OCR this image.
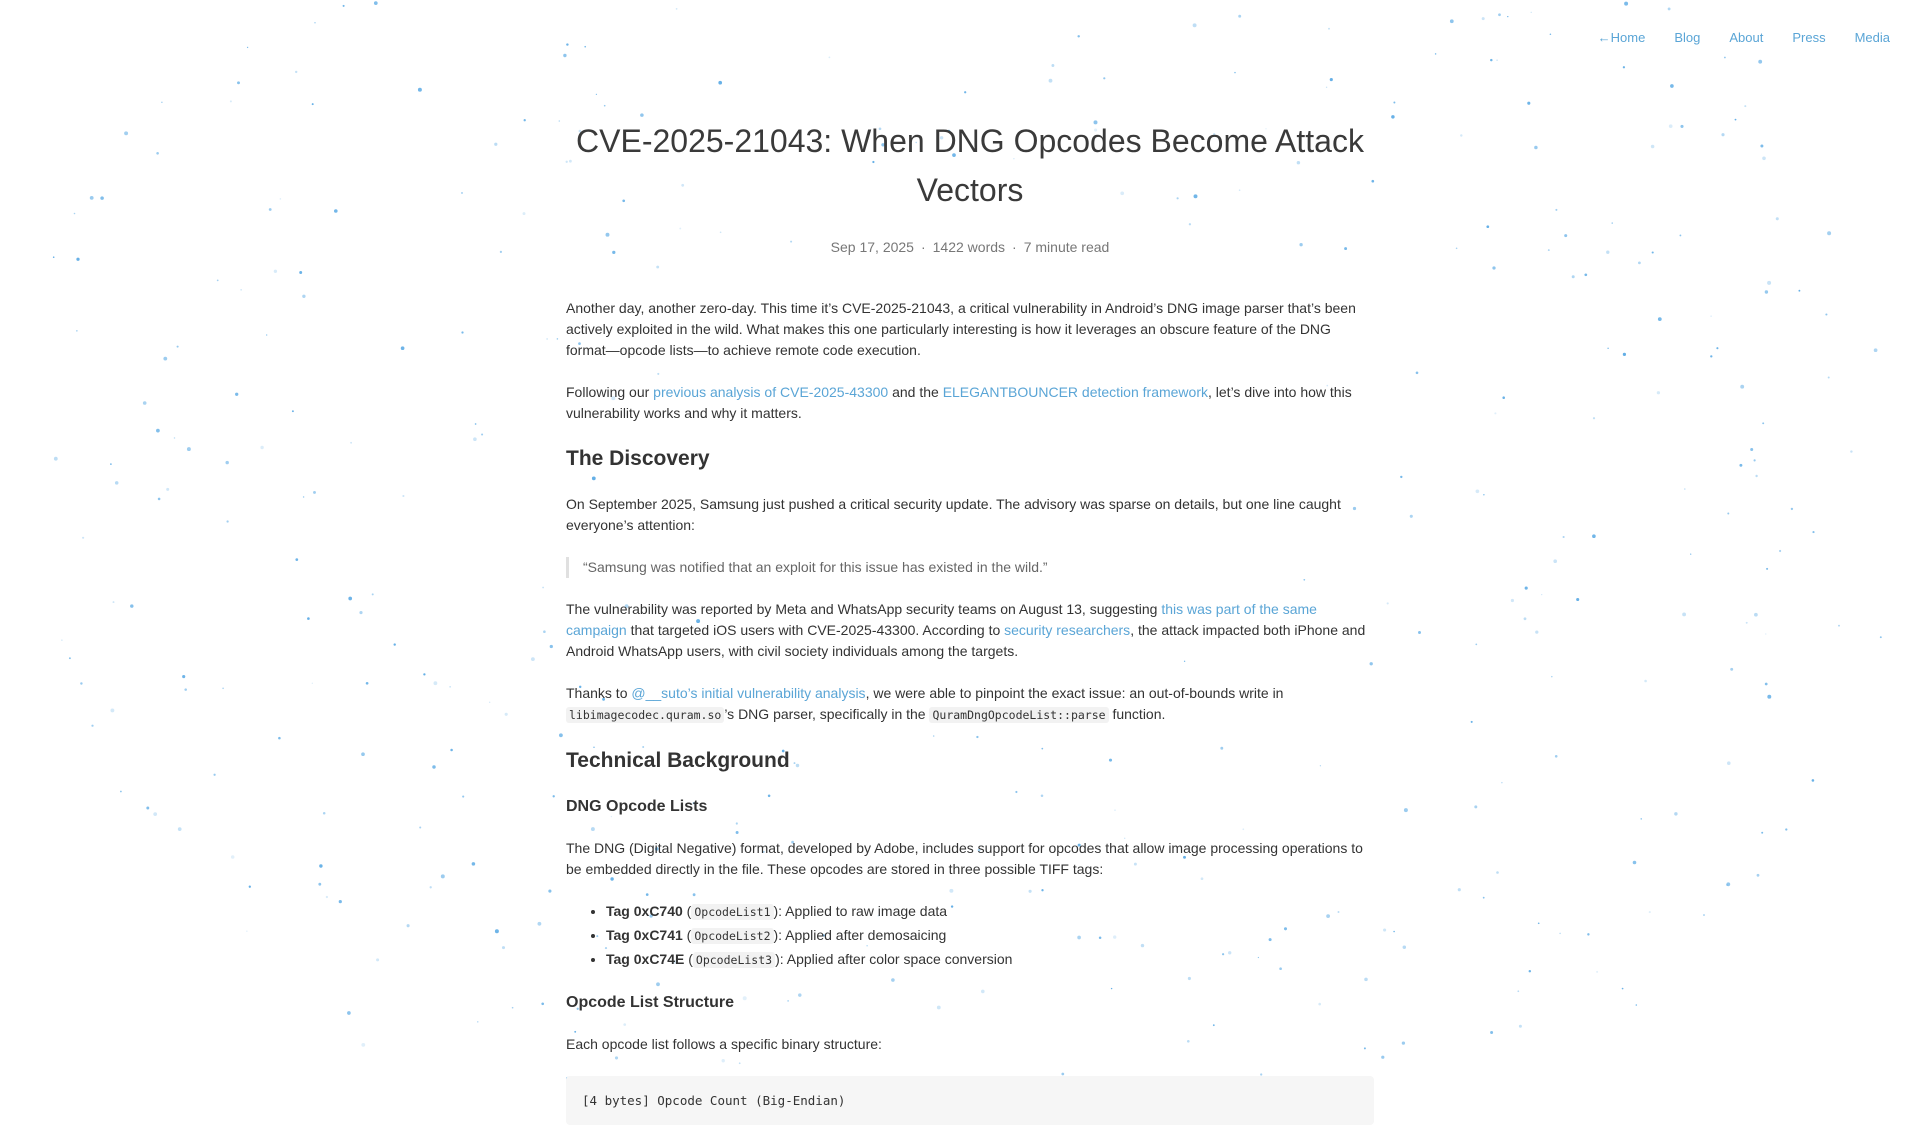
←Home Blog About Press Media
CVE-2025-21043: When DNG Opcodes Become Attack Vectors
Sep 17, 2025 · 1422 words · 7 minute read

Another day, another zero-day. This time it’s CVE-2025-21043, a critical vulnerability in Android’s DNG image parser that’s been actively exploited in the wild. What makes this one particularly interesting is how it leverages an obscure feature of the DNG format—opcode lists—to achieve remote code execution.

Following our previous analysis of CVE-2025-43300 and the ELEGANTBOUNCER detection framework, let’s dive into how this vulnerability works and why it matters.

The Discovery

On September 2025, Samsung just pushed a critical security update. The advisory was sparse on details, but one line caught everyone’s attention:

“Samsung was notified that an exploit for this issue has existed in the wild.”

The vulnerability was reported by Meta and WhatsApp security teams on August 13, suggesting this was part of the same campaign that targeted iOS users with CVE-2025-43300. According to security researchers, the attack impacted both iPhone and Android WhatsApp users, with civil society individuals among the targets.

Thanks to @__suto’s initial vulnerability analysis, we were able to pinpoint the exact issue: an out-of-bounds write in libimagecodec.quram.so ’s DNG parser, specifically in the QuramDngOpcodeList::parse function.

Technical Background
DNG Opcode Lists

The DNG (Digital Negative) format, developed by Adobe, includes support for opcodes that allow image processing operations to be embedded directly in the file. These opcodes are stored in three possible TIFF tags:

• Tag 0xC740 ( OpcodeList1 ): Applied to raw image data
• Tag 0xC741 ( OpcodeList2 ): Applied after demosaicing
• Tag 0xC74E ( OpcodeList3 ): Applied after color space conversion
Opcode List Structure

Each opcode list follows a specific binary structure:

[4 bytes] Opcode Count (Big-Endian)
